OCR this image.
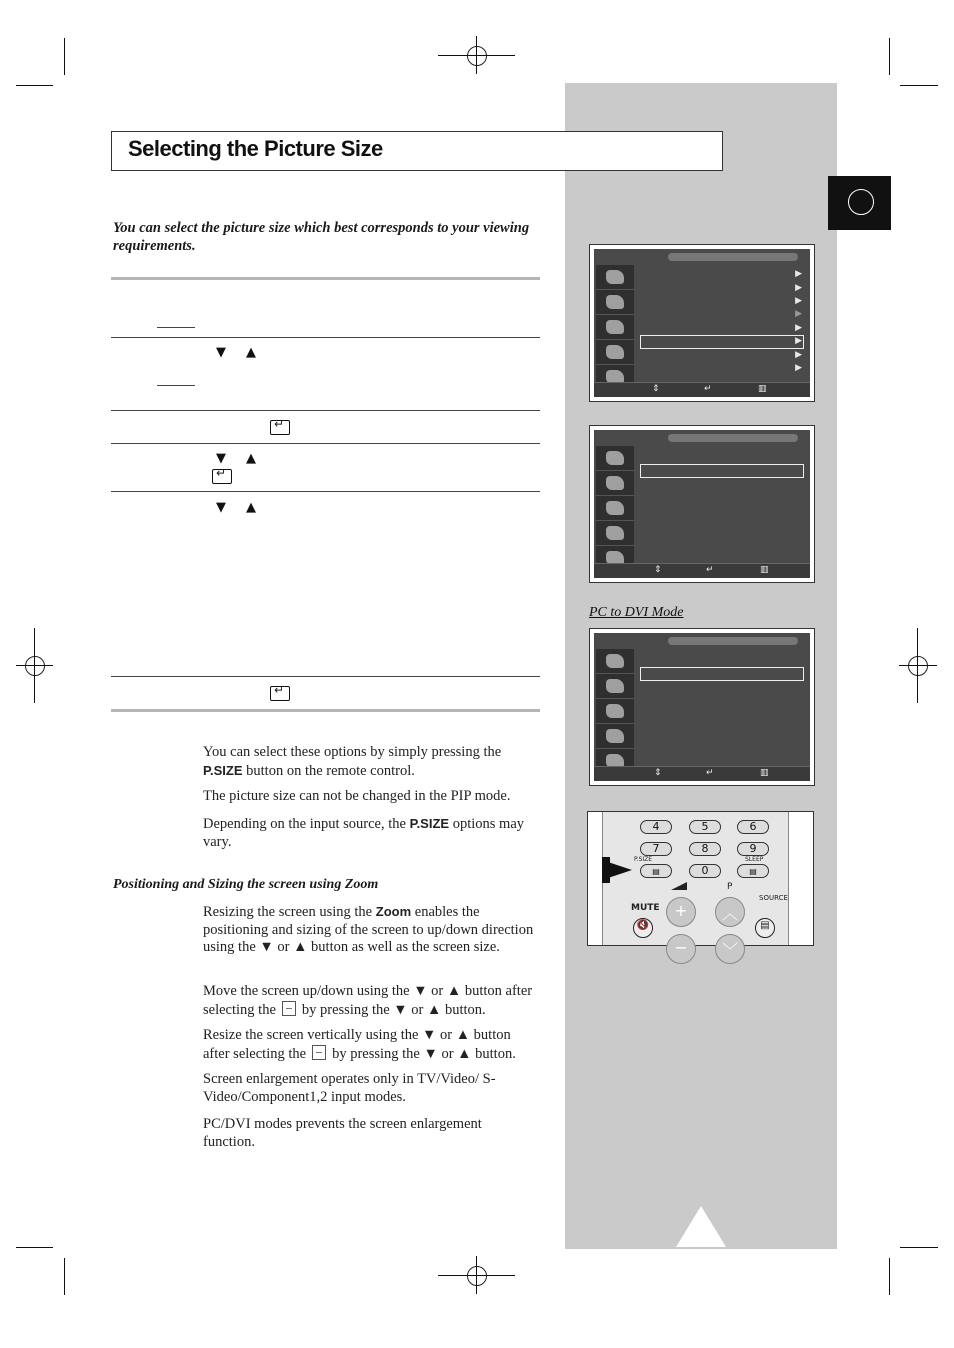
Selecting the Picture Size
You can select the picture size which best corresponds to your viewing requirements.
▼ ▲
↵
▼ ▲
↵
▼ ▲
↵
You can select these options by simply pressing the P.SIZE button on the remote control.
The picture size can not be changed in the PIP mode.
Depending on the input source, the P.SIZE options may vary.
Positioning and Sizing the screen using Zoom
Resizing the screen using the Zoom enables the positioning and sizing of the screen to up/down direction using the ▼ or ▲ button as well as the screen size.
Move the screen up/down using the ▼ or ▲ button after selecting the by pressing the ▼ or ▲ button.
Resize the screen vertically using the ▼ or ▲ button after selecting the by pressing the ▼ or ▲ button.
Screen enlargement operates only in TV/Video/ S-Video/Component1,2 input modes.
PC/DVI modes prevents the screen enlargement function.
▶
▶
▶
▶
▶
▶
▶
▶
⇕	↵	▥
⇕	↵	▥
PC to DVI Mode
⇕	↵	▥
4	5	6
7	8	9
P.SIZE	SLEEP
▤	0	▤
P
SOURCE
MUTE +	︿
🔇	▤
−	﹀
